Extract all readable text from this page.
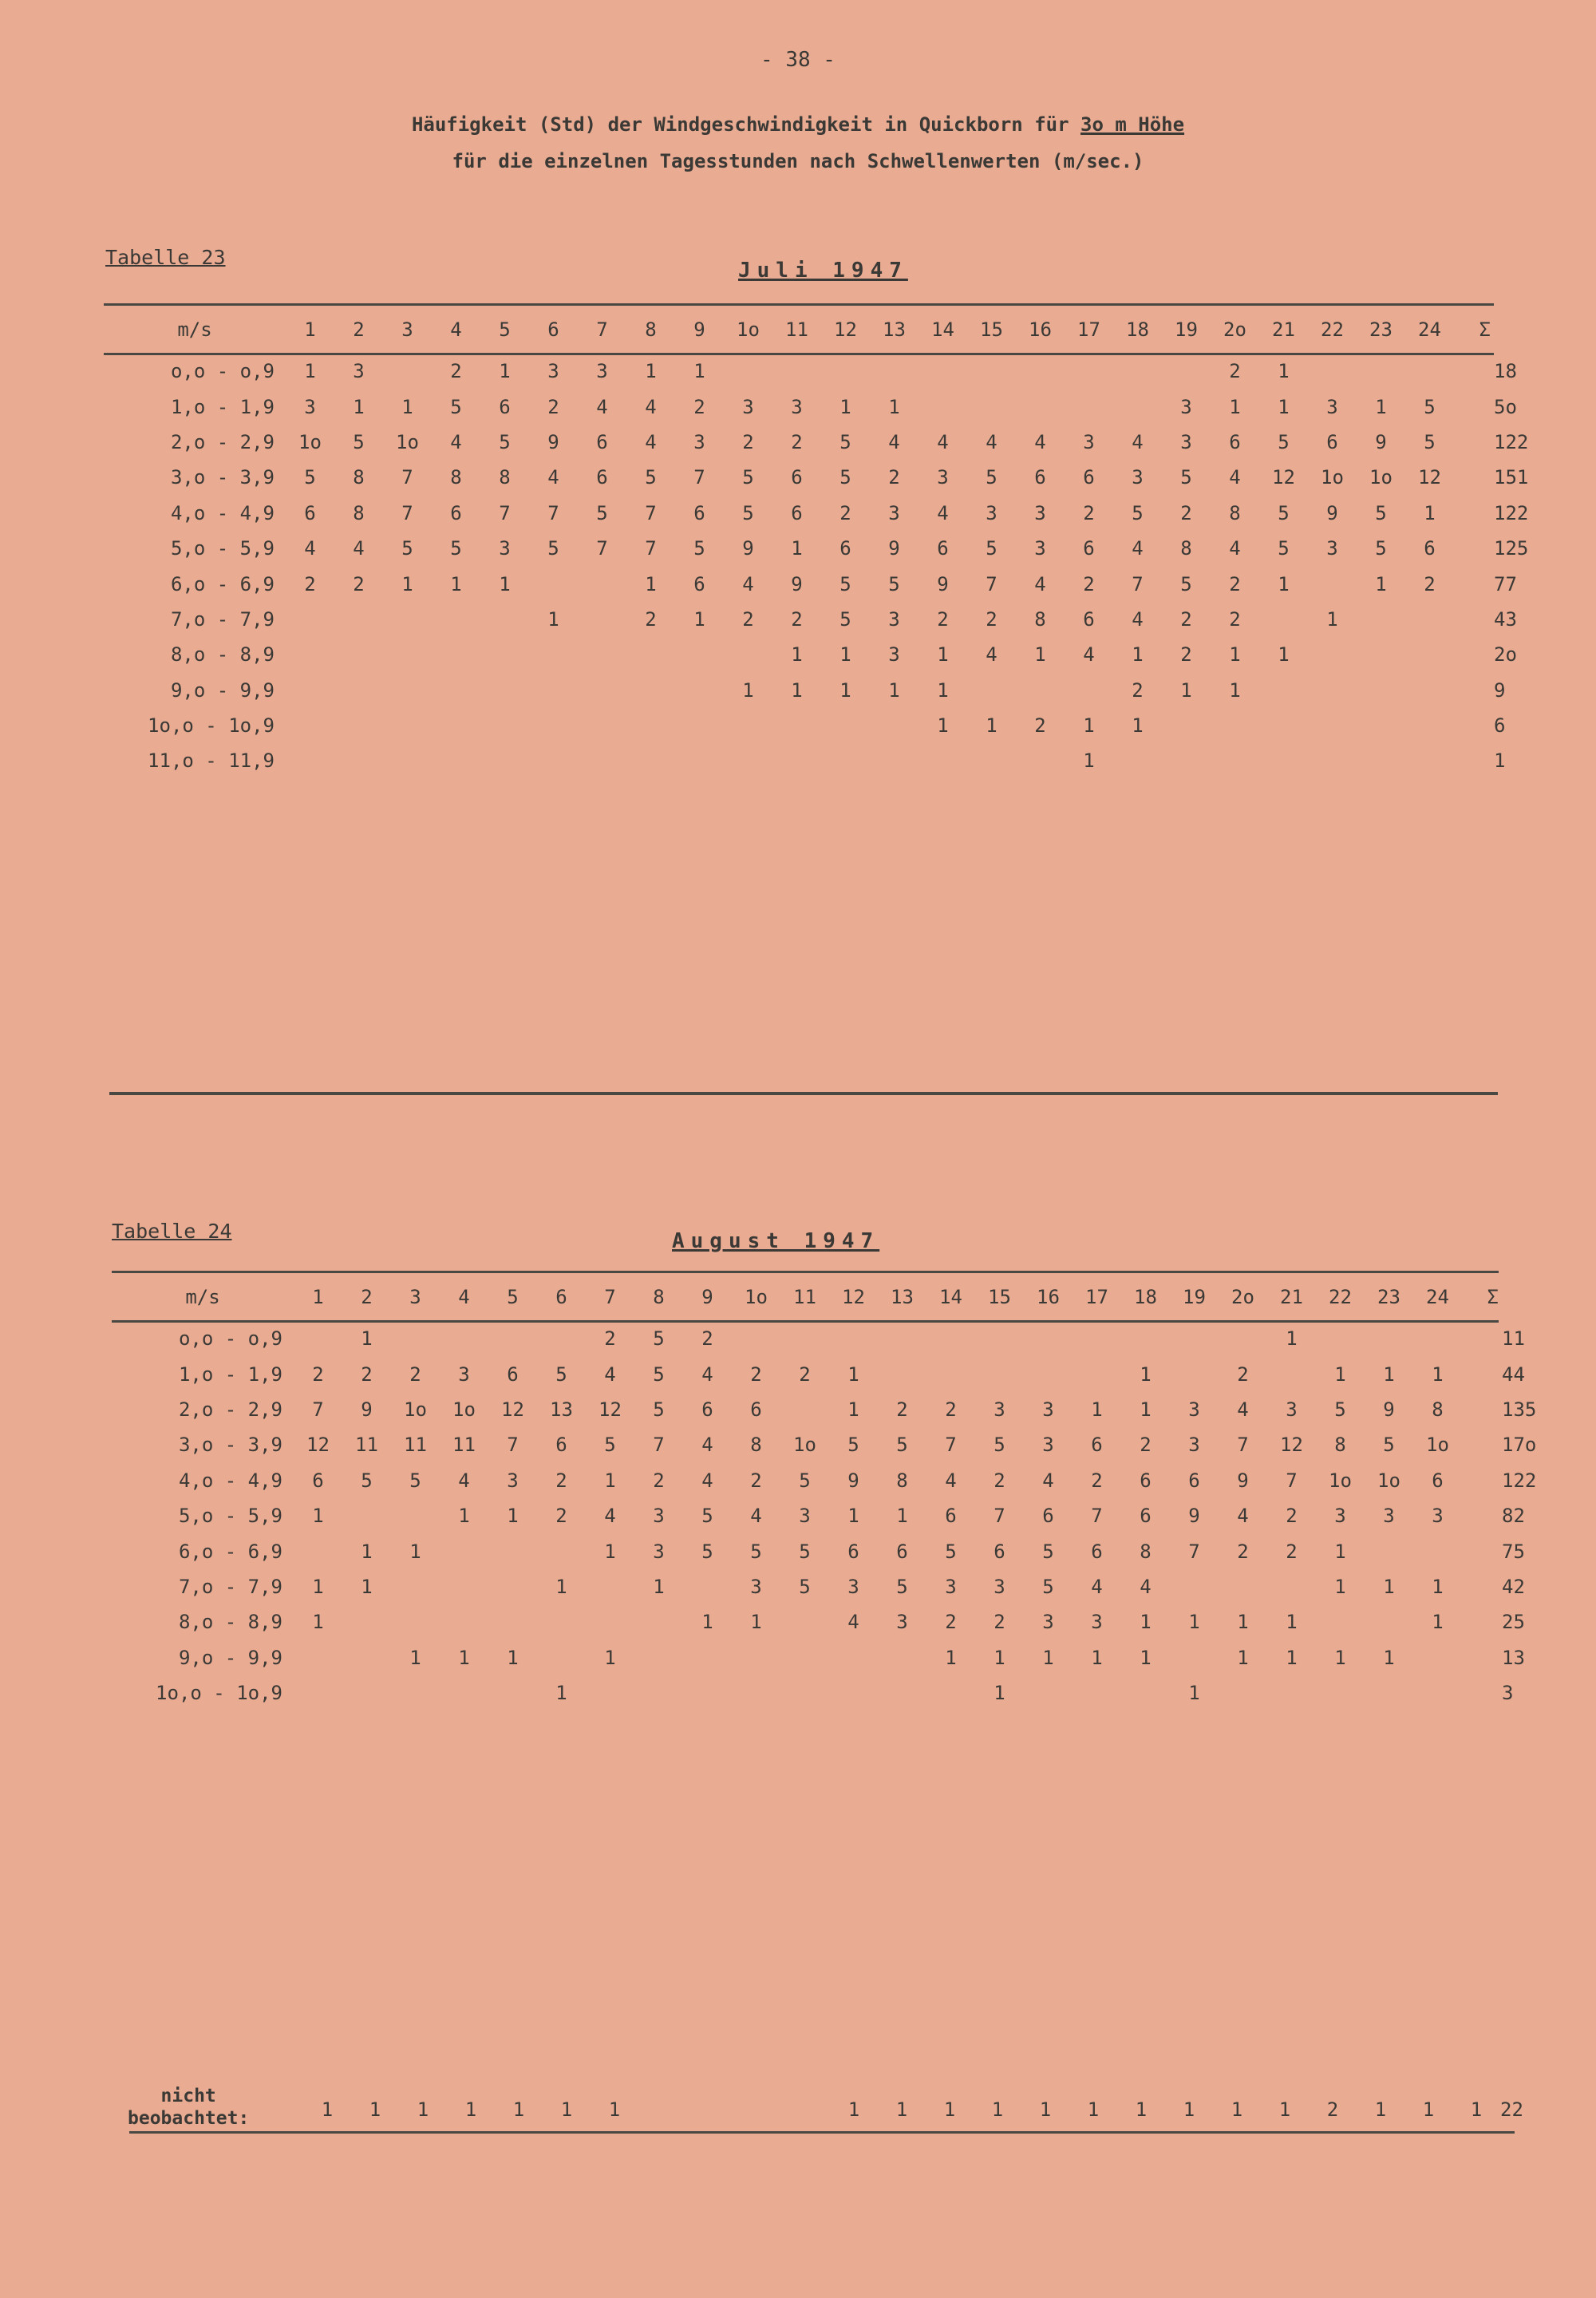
- 38 -
Häufigkeit (Std) der Windgeschwindigkeit in Quickborn für 3o m Höhe
für die einzelnen Tagesstunden nach Schwellenwerten (m/sec.)
Tabelle 23
Juli 1947
m/s	1	2	3	4	5	6	7	8	9	1o	11	12	13	14	15	16	17	18	19	2o	21	22	23	24	Σ	
o,o - o,9	1	3		2	1	3	3	1	1											2	1					18
1,o - 1,9	3	1	1	5	6	2	4	4	2	3	3	1	1						3	1	1	3	1	5		5o
2,o - 2,9	1o	5	1o	4	5	9	6	4	3	2	2	5	4	4	4	4	3	4	3	6	5	6	9	5		122
3,o - 3,9	5	8	7	8	8	4	6	5	7	5	6	5	2	3	5	6	6	3	5	4	12	1o	1o	12		151
4,o - 4,9	6	8	7	6	7	7	5	7	6	5	6	2	3	4	3	3	2	5	2	8	5	9	5	1		122
5,o - 5,9	4	4	5	5	3	5	7	7	5	9	1	6	9	6	5	3	6	4	8	4	5	3	5	6		125
6,o - 6,9	2	2	1	1	1			1	6	4	9	5	5	9	7	4	2	7	5	2	1		1	2		77
7,o - 7,9						1		2	1	2	2	5	3	2	2	8	6	4	2	2		1				43
8,o - 8,9											1	1	3	1	4	1	4	1	2	1	1					2o
9,o - 9,9										1	1	1	1	1				2	1	1						9
1o,o - 1o,9														1	1	2	1	1								6
11,o - 11,9																	1									1
Tabelle 24	August 1947
m/s	1	2	3	4	5	6	7	8	9	1o	11	12	13	14	15	16	17	18	19	2o	21	22	23	24	Σ	
o,o - o,9		1					2	5	2												1					11
1,o - 1,9	2	2	2	3	6	5	4	5	4	2	2	1						1		2		1	1	1		44
2,o - 2,9	7	9	1o	1o	12	13	12	5	6	6		1	2	2	3	3	1	1	3	4	3	5	9	8		135
3,o - 3,9	12	11	11	11	7	6	5	7	4	8	1o	5	5	7	5	3	6	2	3	7	12	8	5	1o		17o
4,o - 4,9	6	5	5	4	3	2	1	2	4	2	5	9	8	4	2	4	2	6	6	9	7	1o	1o	6		122
5,o - 5,9	1			1	1	2	4	3	5	4	3	1	1	6	7	6	7	6	9	4	2	3	3	3		82
6,o - 6,9		1	1				1	3	5	5	5	6	6	5	6	5	6	8	7	2	2	1				75
7,o - 7,9	1	1				1		1		3	5	3	5	3	3	5	4	4				1	1	1		42
8,o - 8,9	1								1	1		4	3	2	2	3	3	1	1	1	1			1		25
9,o - 9,9			1	1	1		1							1	1	1	1	1		1	1	1	1			13
1o,o - 1o,9						1									1				1							3
nicht
beobachtet:	1	1	1	1	1	1	1					1	1	1	1	1	1	1	1	1	1	2	1	1	1	22
